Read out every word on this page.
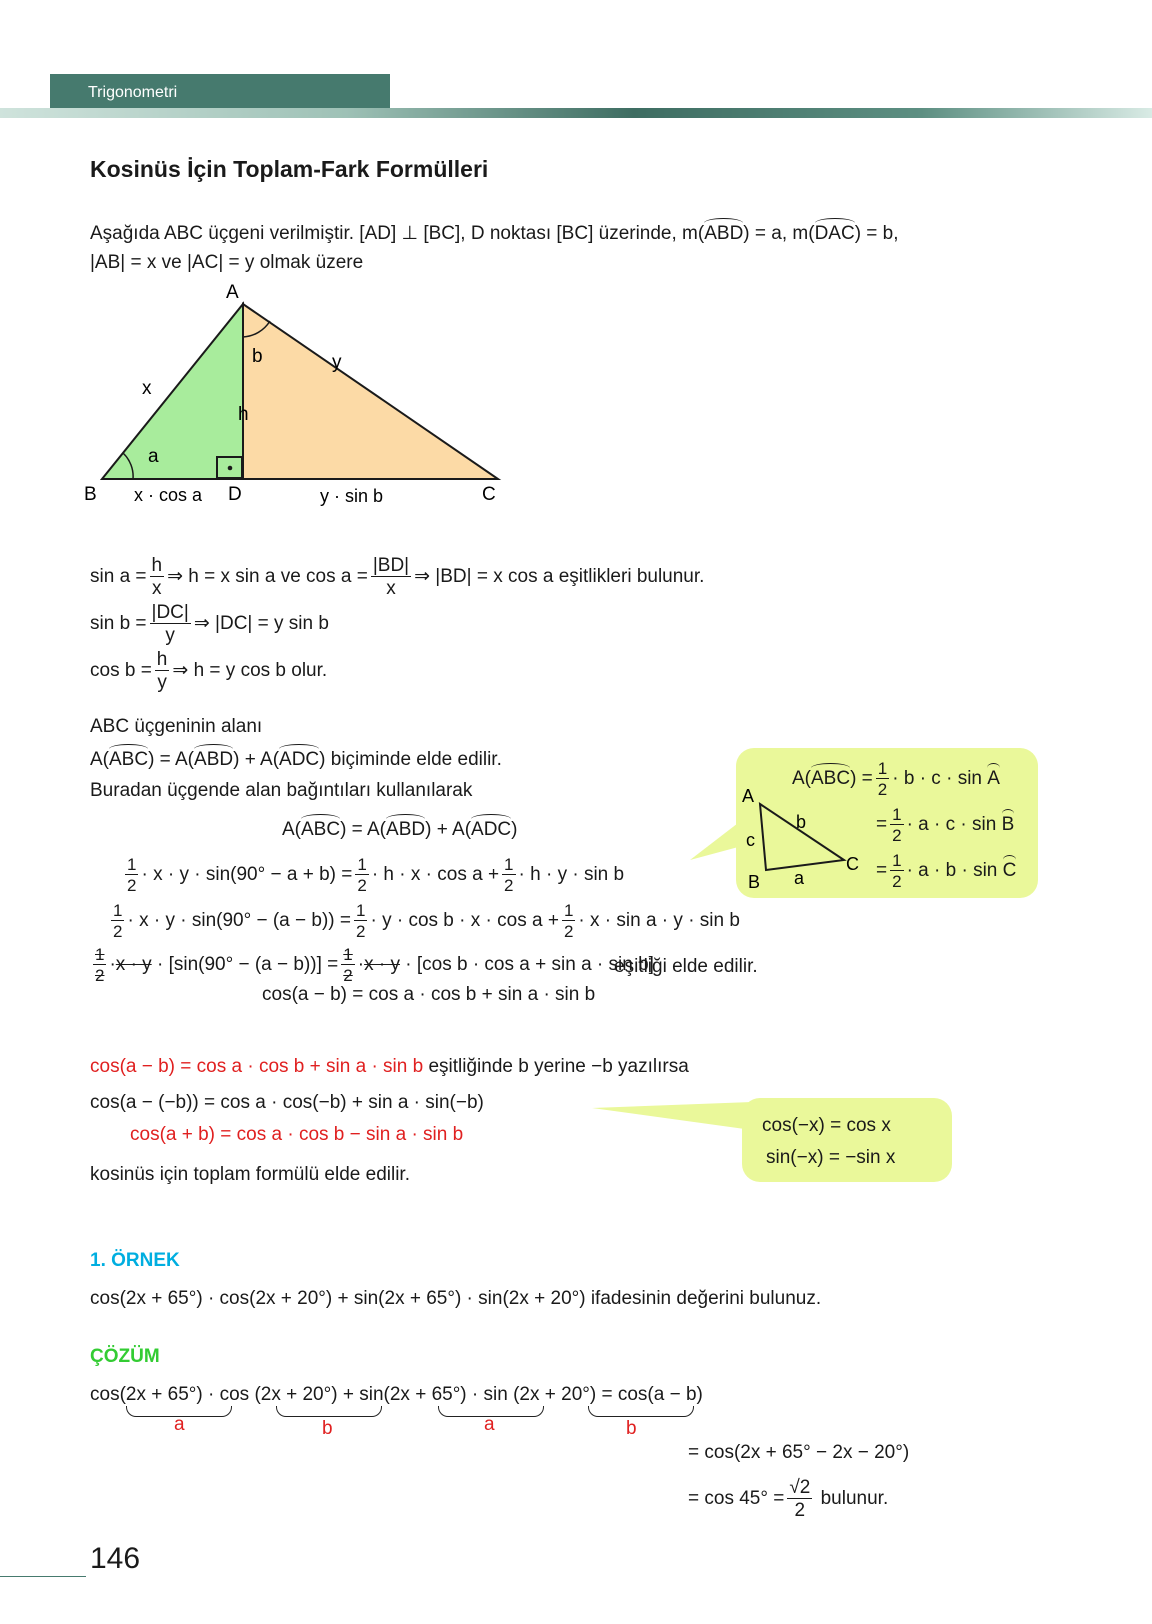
Trigonometri
Kosinüs İçin Toplam-Fark Formülleri
Aşağıda ABC üçgeni verilmiştir. [AD] ⊥ [BC], D noktası [BC] üzerinde, m(ABD) = a, m(DAC) = b,
|AB| = x ve |AC| = y olmak üzere
A
B	D	C
x
y
h
a
b
x · cos a	y · sin b
$\sin a = \frac{h}{x}$ ⇒ h = x sin a ve $\cos a = \frac{|BD|}{x}$ ⇒ |BD| = x cos a eşitlikleri bulunur.
$\sin b = \frac{|DC|}{y}$ ⇒ |DC| = y sin b
$\cos b = \frac{h}{y}$ ⇒ h = y cos b olur.
ABC üçgeninin alanı
A(ABC) = A(ABD) + A(ADC) biçiminde elde edilir.
Buradan üçgende alan bağıntıları kullanılarak
A(ABC) = A(ABD) + A(ADC)
$\frac{1}{2} \cdot x \cdot y \cdot \sin(90^\circ - a + b) = \frac{1}{2} \cdot h \cdot x \cdot \cos a + \frac{1}{2} \cdot h \cdot y \cdot \sin b$
$\frac{1}{2} \cdot x \cdot y \cdot \sin(90^\circ - (a - b)) = \frac{1}{2} \cdot y \cdot \cos b \cdot x \cdot \cos a + \frac{1}{2} \cdot x \cdot \sin a \cdot y \cdot \sin b$
$\frac{1}{2} \cdot x \cdot y \cdot [\sin(90^\circ - (a - b))] = \frac{1}{2} \cdot x \cdot y \cdot [\cos$ b · cos a + sin a · sin b]
eşitliği elde edilir.
cos(a − b) = cos a · cos b + sin a · sin b
A
B
C
c
b
a
$A(ABC) = \frac{1}{2} \cdot b \cdot c \cdot \sin A$
= $\frac{1}{2} \cdot a \cdot c \cdot \sin B$
= $\frac{1}{2} \cdot a \cdot b \cdot \sin C$
cos(a − b) = cos a · cos b + sin a · sin b eşitliğinde b yerine −b yazılırsa
cos(a − (−b)) = cos a · cos(−b) + sin a · sin(−b)
cos(a + b) = cos a · cos b − sin a · sin b
kosinüs için toplam formülü elde edilir.
cos(−x) = cos x
sin(−x) = −sin x
1. ÖRNEK
cos(2x + 65°) · cos(2x + 20°) + sin(2x + 65°) · sin(2x + 20°) ifadesinin değerini bulunuz.
ÇÖZÜM
cos(2x + 65°) · cos (2x + 20°) + sin(2x + 65°) · sin (2x + 20°) = cos(a − b)
a	b	a	b
= cos(2x + 65° − 2x − 20°)
= $\cos 45^\circ = \frac{√2}{2}$ bulunur.
146
